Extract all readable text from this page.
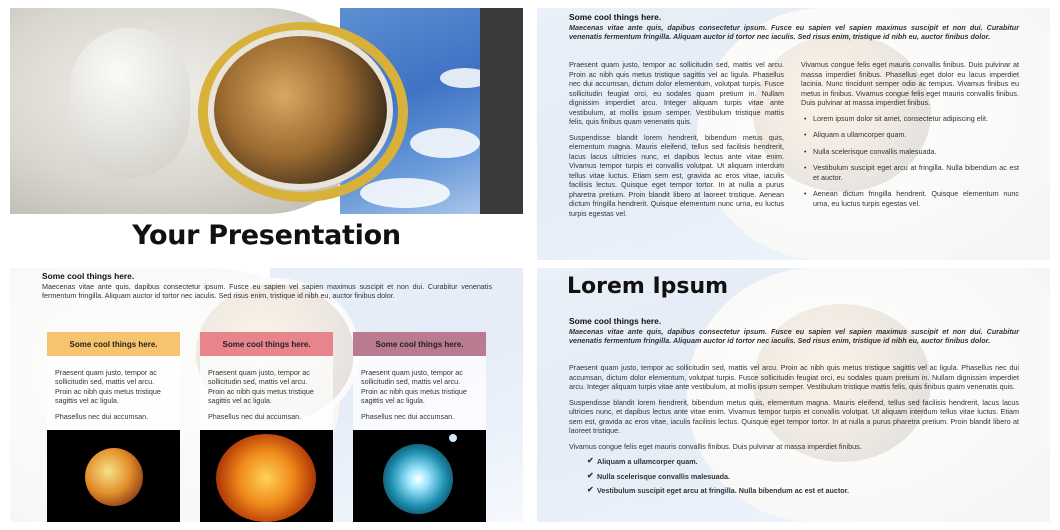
Your Presentation
Some cool things here.
Maecenas vitae ante quis, dapibus consectetur ipsum. Fusce eu sapien vel sapien maximus suscipit et non dui. Curabitur venenatis fermentum fringilla. Aliquam auctor id tortor nec iaculis. Sed risus enim, tristique id nibh eu, auctor finibus dolor.

Praesent quam justo, tempor ac sollicitudin sed, mattis vel arcu. Proin ac nibh quis metus tristique sagittis vel ac ligula. Phasellus nec dui accumsan, dictum dolor elementum, volutpat turpis. Fusce sollicitudin feugiat orci, eu sodales quam pretium in. Nullam dignissim imperdiet arcu. Integer aliquam turpis vitae ante vestibulum, at mollis ipsum semper. Vestibulum tristique mattis felis, quis finibus quam venenatis quis.

Suspendisse blandit lorem hendrerit, bibendum metus quis, elementum magna. Mauris eleifend, tellus sed facilisis hendrerit, lacus lacus ultricies nunc, et dapibus lectus ante vitae enim. Vivamus tempor turpis et convallis volutpat. Ut aliquam interdum tellus vitae luctus. Etiam sem est, gravida ac eros vitae, iaculis facilisis lectus. Quisque eget tempor tortor. In at nulla a purus pharetra pretium. Proin blandit libero at laoreet tristique. Aenean dictum fringilla hendrerit. Quisque elementum nunc urna, eu luctus turpis egestas vel.

Vivamus congue felis eget mauris convallis finibus. Duis pulvinar at massa imperdiet finibus. Phasellus eget dolor eu lacus imperdiet lacinia. Nunc tincidunt semper odio ac tempus. Vivamus finibus eu metus in finibus. Vivamus congue felis eget mauris convallis finibus. Duis pulvinar at massa imperdiet finibus.

• Lorem ipsum dolor sit amet, consectetur adipiscing elit.
• Aliquam a ullamcorper quam.
• Nulla scelerisque convallis malesuada.
• Vestibulum suscipit eget arcu at fringilla. Nulla bibendum ac est et auctor.
• Aenean dictum fringilla hendrerit. Quisque elementum nunc urna, eu luctus turpis egestas vel.
Some cool things here.
Maecenas vitae ante quis, dapibus consectetur ipsum. Fusce eu sapien vel sapien maximus suscipit et non dui. Curabitur venenatis fermentum fringilla. Aliquam auctor id tortor nec iaculis. Sed risus enim, tristique id nibh eu, auctor finibus dolor.
Some cool things here.

Praesent quam justo, tempor ac sollicitudin sed, mattis vel arcu. Proin ac nibh quis metus tristique sagittis vel ac ligula.

Phasellus nec dui accumsan.

Some cool things here.

Praesent quam justo, tempor ac sollicitudin sed, mattis vel arcu. Proin ac nibh quis metus tristique sagittis vel ac ligula.

Phasellus nec dui accumsan.

Some cool things here.

Praesent quam justo, tempor ac sollicitudin sed, mattis vel arcu. Proin ac nibh quis metus tristique sagittis vel ac ligula.

Phasellus nec dui accumsan.

Lorem Ipsum
Some cool things here.
Maecenas vitae ante quis, dapibus consectetur ipsum. Fusce eu sapien vel sapien maximus suscipit et non dui. Curabitur venenatis fermentum fringilla. Aliquam auctor id tortor nec iaculis. Sed risus enim, tristique id nibh eu, auctor finibus dolor.

Praesent quam justo, tempor ac sollicitudin sed, mattis vel arcu. Proin ac nibh quis metus tristique sagittis vel ac ligula. Phasellus nec dui accumsan, dictum dolor elementum, volutpat turpis. Fusce sollicitudin feugiat orci, eu sodales quam pretium in. Nullam dignissim imperdiet arcu. Integer aliquam turpis vitae ante vestibulum, at mollis ipsum semper. Vestibulum tristique mattis felis, quis finibus quam venenatis quis.

Suspendisse blandit lorem hendrerit, bibendum metus quis, elementum magna. Mauris eleifend, tellus sed facilisis hendrerit, lacus lacus ultricies nunc, et dapibus lectus ante vitae enim. Vivamus tempor turpis et convallis volutpat. Ut aliquam interdum tellus vitae luctus. Etiam sem est, gravida ac eros vitae, iaculis facilisis lectus. Quisque eget tempor tortor. In at nulla a purus pharetra pretium. Proin blandit libero at laoreet tristique.

Vivamus congue felis eget mauris convallis finibus. Duis pulvinar at massa imperdiet finibus.

✔ Aliquam a ullamcorper quam.
✔ Nulla scelerisque convallis malesuada.
✔ Vestibulum suscipit eget arcu at fringilla. Nulla bibendum ac est et auctor.
